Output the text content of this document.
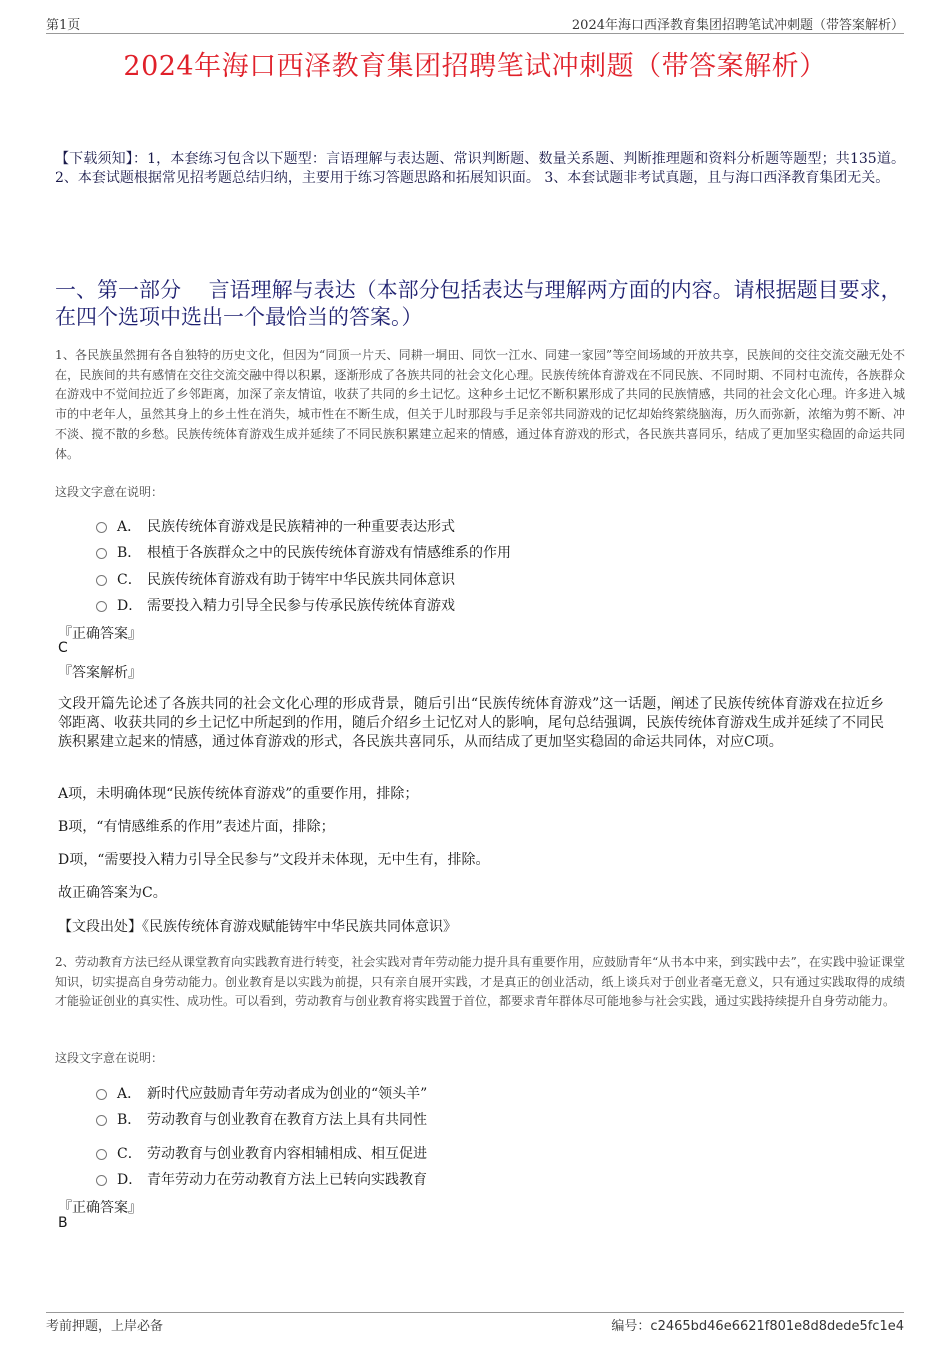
第1页	2024年海口西泽教育集团招聘笔试冲刺题（带答案解析）
2024年海口西泽教育集团招聘笔试冲刺题（带答案解析）
【下载须知】：1，本套练习包含以下题型：言语理解与表达题、常识判断题、数量关系题、判断推理题和资料分析题等题型；共135道。 2、本套试题根据常见招考题总结归纳，主要用于练习答题思路和拓展知识面。 3、本套试题非考试真题，且与海口西泽教育集团无关。
一、第一部分　 言语理解与表达（本部分包括表达与理解两方面的内容。请根据题目要求，在四个选项中选出一个最恰当的答案。）
1、各民族虽然拥有各自独特的历史文化，但因为“同顶一片天、同耕一垌田、同饮一江水、同建一家园”等空间场域的开放共享，民族间的交往交流交融无处不在，民族间的共有感情在交往交流交融中得以积累，逐渐形成了各族共同的社会文化心理。民族传统体育游戏在不同民族、不同时期、不同村屯流传，各族群众在游戏中不觉间拉近了乡邻距离，加深了亲友情谊，收获了共同的乡土记忆。这种乡土记忆不断积累形成了共同的民族情感，共同的社会文化心理。许多进入城市的中老年人，虽然其身上的乡土性在消失，城市性在不断生成，但关于儿时那段与手足亲邻共同游戏的记忆却始终萦绕脑海，历久而弥新，浓缩为剪不断、冲不淡、搅不散的乡愁。民族传统体育游戏生成并延续了不同民族积累建立起来的情感，通过体育游戏的形式，各民族共喜同乐，结成了更加坚实稳固的命运共同体。
这段文字意在说明：
A． 民族传统体育游戏是民族精神的一种重要表达形式
B． 根植于各族群众之中的民族传统体育游戏有情感维系的作用
C． 民族传统体育游戏有助于铸牢中华民族共同体意识
D． 需要投入精力引导全民参与传承民族传统体育游戏
『正确答案』
C
『答案解析』
文段开篇先论述了各族共同的社会文化心理的形成背景，随后引出“民族传统体育游戏”这一话题，阐述了民族传统体育游戏在拉近乡邻距离、收获共同的乡土记忆中所起到的作用，随后介绍乡土记忆对人的影响，尾句总结强调，民族传统体育游戏生成并延续了不同民族积累建立起来的情感，通过体育游戏的形式，各民族共喜同乐，从而结成了更加坚实稳固的命运共同体，对应C项。
A项，未明确体现“民族传统体育游戏”的重要作用，排除；
B项，“有情感维系的作用”表述片面，排除；
D项，“需要投入精力引导全民参与”文段并未体现，无中生有，排除。
故正确答案为C。
【文段出处】《民族传统体育游戏赋能铸牢中华民族共同体意识》
2、劳动教育方法已经从课堂教育向实践教育进行转变，社会实践对青年劳动能力提升具有重要作用，应鼓励青年“从书本中来，到实践中去”，在实践中验证课堂知识，切实提高自身劳动能力。创业教育是以实践为前提，只有亲自展开实践，才是真正的创业活动，纸上谈兵对于创业者毫无意义，只有通过实践取得的成绩才能验证创业的真实性、成功性。可以看到，劳动教育与创业教育将实践置于首位，都要求青年群体尽可能地参与社会实践，通过实践持续提升自身劳动能力。
这段文字意在说明：
A． 新时代应鼓励青年劳动者成为创业的“领头羊”
B． 劳动教育与创业教育在教育方法上具有共同性
C． 劳动教育与创业教育内容相辅相成、相互促进
D． 青年劳动力在劳动教育方法上已转向实践教育
『正确答案』
B
考前押题，上岸必备	编号：c2465bd46e6621f801e8d8dede5fc1e4
